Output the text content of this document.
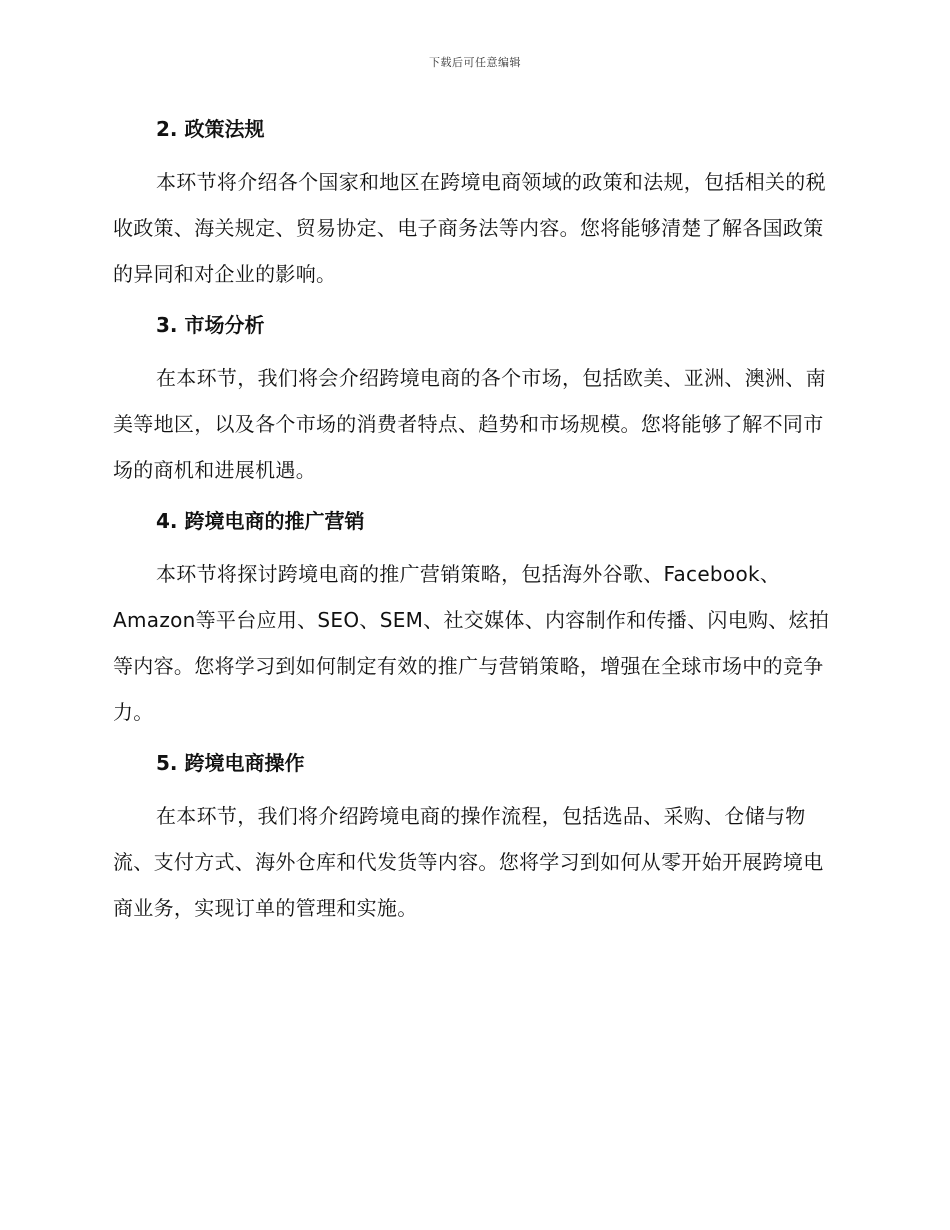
下载后可任意编辑
2. 政策法规

本环节将介绍各个国家和地区在跨境电商领域的政策和法规，包括相关的税收政策、海关规定、贸易协定、电子商务法等内容。您将能够清楚了解各国政策的异同和对企业的影响。

3. 市场分析

在本环节，我们将会介绍跨境电商的各个市场，包括欧美、亚洲、澳洲、南美等地区，以及各个市场的消费者特点、趋势和市场规模。您将能够了解不同市场的商机和进展机遇。

4. 跨境电商的推广营销

本环节将探讨跨境电商的推广营销策略，包括海外谷歌、Facebook、Amazon等平台应用、SEO、SEM、社交媒体、内容制作和传播、闪电购、炫拍等内容。您将学习到如何制定有效的推广与营销策略，增强在全球市场中的竞争力。

5. 跨境电商操作

在本环节，我们将介绍跨境电商的操作流程，包括选品、采购、仓储与物流、支付方式、海外仓库和代发货等内容。您将学习到如何从零开始开展跨境电商业务，实现订单的管理和实施。
